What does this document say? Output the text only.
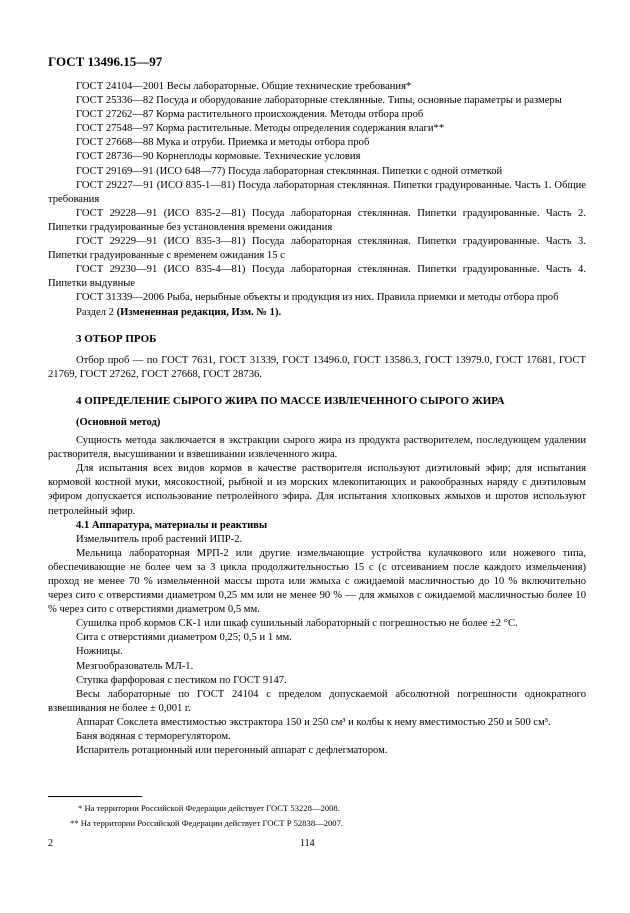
ГОСТ 13496.15—97

ГОСТ 24104—2001 Весы лабораторные. Общие технические требования*

ГОСТ 25336—82 Посуда и оборудование лабораторные стеклянные. Типы, основные параметры и размеры

ГОСТ 27262—87 Корма растительного происхождения. Методы отбора проб

ГОСТ 27548—97 Корма растительные. Методы определения содержания влаги**

ГОСТ 27668—88 Мука и отруби. Приемка и методы отбора проб

ГОСТ 28736—90 Корнеплоды кормовые. Технические условия

ГОСТ 29169—91 (ИСО 648—77) Посуда лабораторная стеклянная. Пипетки с одной отметкой

ГОСТ 29227—91 (ИСО 835-1—81) Посуда лабораторная стеклянная. Пипетки градуированные. Часть 1. Общие требования

ГОСТ 29228—91 (ИСО 835-2—81) Посуда лабораторная стеклянная. Пипетки градуированные. Часть 2. Пипетки градуированные без установления времени ожидания

ГОСТ 29229—91 (ИСО 835-3—81) Посуда лабораторная стеклянная. Пипетки градуированные. Часть 3. Пипетки градуированные с временем ожидания 15 с

ГОСТ 29230—91 (ИСО 835-4—81) Посуда лабораторная стеклянная. Пипетки градуированные. Часть 4. Пипетки выдувные

ГОСТ 31339—2006 Рыба, нерыбные объекты и продукция из них. Правила приемки и методы отбора проб

Раздел 2 (Измененная редакция, Изм. № 1).

3 ОТБОР ПРОБ

Отбор проб — по ГОСТ 7631, ГОСТ 31339, ГОСТ 13496.0, ГОСТ 13586.3, ГОСТ 13979.0, ГОСТ 17681, ГОСТ 21769, ГОСТ 27262, ГОСТ 27668, ГОСТ 28736.

4 ОПРЕДЕЛЕНИЕ СЫРОГО ЖИРА ПО МАССЕ ИЗВЛЕЧЕННОГО СЫРОГО ЖИРА

(Основной метод)

Сущность метода заключается в экстракции сырого жира из продукта растворителем, последующем удалении растворителя, высушивании и взвешивании извлеченного жира.

Для испытания всех видов кормов в качестве растворителя используют диэтиловый эфир; для испытания кормовой костной муки, мясокостной, рыбной и из морских млекопитающих и ракообразных наряду с диэтиловым эфиром допускается использование петролейного эфира. Для испытания хлопковых жмыхов и шротов используют петролейный эфир.

4.1 Аппаратура, материалы и реактивы

Измельчитель проб растений ИПР-2.

Мельница лабораторная МРП-2 или другие измельчающие устройства кулачкового или ножевого типа, обеспечивающие не более чем за 3 цикла продолжительностью 15 с (с отсеиванием после каждого измельчения) проход не менее 70 % измельченной массы шрота или жмыха с ожидаемой масличностью до 10 % включительно через сито с отверстиями диаметром 0,25 мм или не менее 90 % — для жмыхов с ожидаемой масличностью более 10 % через сито с отверстиями диаметром 0,5 мм.

Сушилка проб кормов СК-1 или шкаф сушильный лабораторный с погрешностью не более ±2 °С.

Сита с отверстиями диаметром 0,25; 0,5 и 1 мм.

Ножницы.

Мезгообразователь МЛ-1.

Ступка фарфоровая с пестиком по ГОСТ 9147.

Весы лабораторные по ГОСТ 24104 с пределом допускаемой абсолютной погрешности однократного взвешивания не более ± 0,001 г.

Аппарат Сокслета вместимостью экстрактора 150 и 250 см³ и колбы к нему вместимостью 250 и 500 см³.

Баня водяная с терморегулятором.

Испаритель ротационный или перегонный аппарат с дефлегматором.

* На территории Российской Федерации действует ГОСТ 53228—2008.
** На территории Российской Федерации действует ГОСТ Р 52838—2007.
2	114
